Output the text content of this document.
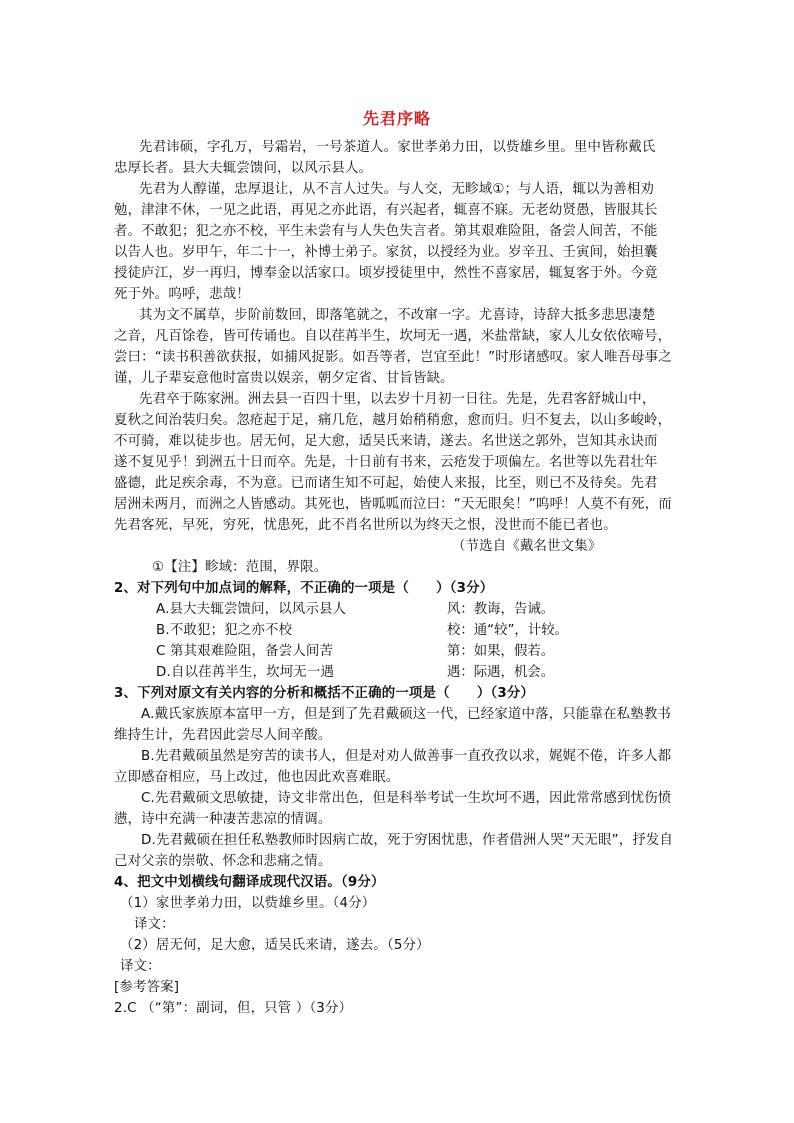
先君序略
先君讳硕，字孔万，号霜岩，一号茶道人。家世孝弟力田，以赀雄乡里。里中皆称戴氏
忠厚长者。县大夫辄尝馈问，以风示县人。
先君为人醇谨，忠厚退让，从不言人过失。与人交，无畛域①；与人语，辄以为善相劝
勉，津津不休，一见之此语，再见之亦此语，有兴起者，辄喜不寐。无老幼贤愚，皆服其长
者。不敢犯；犯之亦不校，平生未尝有与人失色失言者。第其艰难险阻，备尝人间苦，不能
以告人也。岁甲午，年二十一，补博士弟子。家贫，以授经为业。岁辛丑、壬寅间，始担囊
授徒庐江，岁一再归，博奉金以活家口。顷岁授徒里中，然性不喜家居，辄复客于外。今竟
死于外。呜呼，悲哉！
其为文不属草，步阶前数回，即落笔就之，不改窜一字。尤喜诗，诗辞大抵多悲思凄楚
之音，凡百馀卷，皆可传诵也。自以荏苒半生，坎坷无一遇，米盐常缺，家人儿女依依啼号，
尝曰：“读书积善欲获报，如捕风捉影。如吾等者，岂宜至此！”时形诸感叹。家人唯吾母事之
谨，儿子辈妄意他时富贵以娱亲，朝夕定省、甘旨皆缺。
先君卒于陈家洲。洲去县一百四十里，以去岁十月初一日往。先是，先君客舒城山中，
夏秋之间治装归矣。忽疮起于足，痛几危，越月始稍稍愈，愈而归。归不复去，以山多峻岭，
不可骑，难以徒步也。居无何，足大愈，适吴氏来请，遂去。名世送之郭外，岂知其永诀而
遂不复见乎！到洲五十日而卒。先是，十日前有书来，云疮发于项偏左。名世等以先君壮年
盛德，此足疾余毒，不为意。已而诸生知不可起，始使人来报，比至，则已不及待矣。先君
居洲未两月，而洲之人皆感动。其死也，皆呱呱而泣曰：“天无眼矣！”呜呼！人莫不有死，而
先君客死，早死，穷死，忧患死，此不肖名世所以为终天之恨，没世而不能已者也。
（节选自《戴名世文集》
①【注】畛域：范围，界限。
2、对下列句中加点词的解释，不正确的一项是（　　）（3分）
A.县大夫辄尝馈问，以风示县人	风：教诲，告诫。
B.不敢犯；犯之亦不校	校：通“较”，计较。
C 第其艰难险阻，备尝人间苦	第：如果，假若。
D.自以荏苒半生，坎坷无一遇	遇：际遇，机会。
3、下列对原文有关内容的分析和概括不正确的一项是（　　）（3分）
A.戴氏家族原本富甲一方，但是到了先君戴硕这一代，已经家道中落，只能靠在私塾教书
维持生计，先君因此尝尽人间辛酸。
B.先君戴硕虽然是穷苦的读书人，但是对劝人做善事一直孜孜以求，娓娓不倦，许多人都
立即感奋相应，马上改过，他也因此欢喜难眠。
C.先君戴硕文思敏捷，诗文非常出色，但是科举考试一生坎坷不遇，因此常常感到忧伤愤
懑，诗中充满一种凄苦悲凉的情调。
D.先君戴硕在担任私塾教师时因病亡故，死于穷困忧患，作者借洲人哭“天无眼”，抒发自
己对父亲的崇敬、怀念和悲痛之情。
4、把文中划横线句翻译成现代汉语。（9分）
（1）家世孝弟力田，以赀雄乡里。（4分）
译文：
（2）居无何，足大愈，适吴氏来请，遂去。（5分）
译文：
[参考答案]
2.C （“第”：副词，但，只管 ）（3分）
